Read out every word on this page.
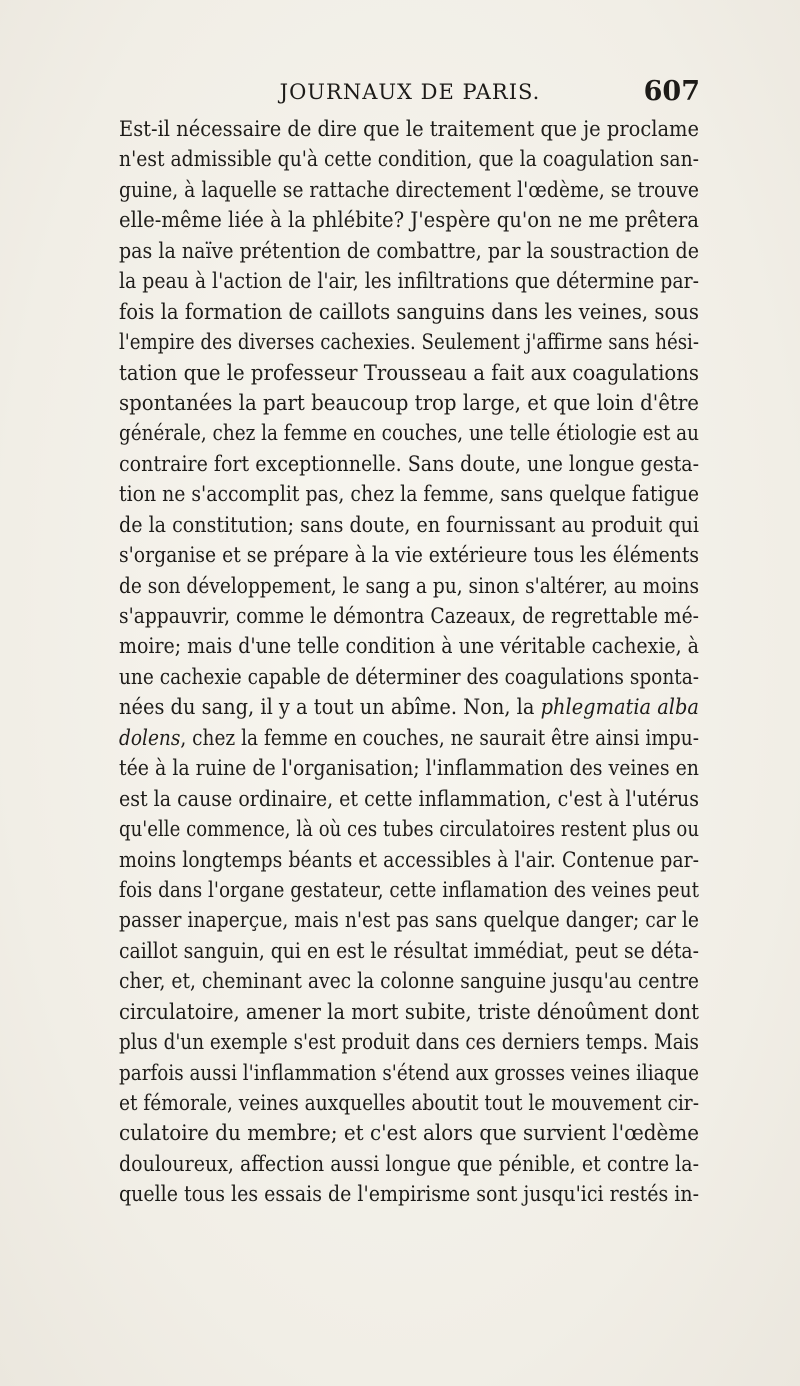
JOURNAUX DE PARIS.	607
Est-il nécessaire de dire que le traitement que je proclame
n'est admissible qu'à cette condition, que la coagulation san-
guine, à laquelle se rattache directement l'œdème, se trouve
elle-même liée à la phlébite? J'espère qu'on ne me prêtera
pas la naïve prétention de combattre, par la soustraction de
la peau à l'action de l'air, les infiltrations que détermine par-
fois la formation de caillots sanguins dans les veines, sous
l'empire des diverses cachexies. Seulement j'affirme sans hési-
tation que le professeur Trousseau a fait aux coagulations
spontanées la part beaucoup trop large, et que loin d'être
générale, chez la femme en couches, une telle étiologie est au
contraire fort exceptionnelle. Sans doute, une longue gesta-
tion ne s'accomplit pas, chez la femme, sans quelque fatigue
de la constitution; sans doute, en fournissant au produit qui
s'organise et se prépare à la vie extérieure tous les éléments
de son développement, le sang a pu, sinon s'altérer, au moins
s'appauvrir, comme le démontra Cazeaux, de regrettable mé-
moire; mais d'une telle condition à une véritable cachexie, à
une cachexie capable de déterminer des coagulations sponta-
nées du sang, il y a tout un abîme. Non, la phlegmatia alba
dolens, chez la femme en couches, ne saurait être ainsi impu-
tée à la ruine de l'organisation; l'inflammation des veines en
est la cause ordinaire, et cette inflammation, c'est à l'utérus
qu'elle commence, là où ces tubes circulatoires restent plus ou
moins longtemps béants et accessibles à l'air. Contenue par-
fois dans l'organe gestateur, cette inflamation des veines peut
passer inaperçue, mais n'est pas sans quelque danger; car le
caillot sanguin, qui en est le résultat immédiat, peut se déta-
cher, et, cheminant avec la colonne sanguine jusqu'au centre
circulatoire, amener la mort subite, triste dénoûment dont
plus d'un exemple s'est produit dans ces derniers temps. Mais
parfois aussi l'inflammation s'étend aux grosses veines iliaque
et fémorale, veines auxquelles aboutit tout le mouvement cir-
culatoire du membre; et c'est alors que survient l'œdème
douloureux, affection aussi longue que pénible, et contre la-
quelle tous les essais de l'empirisme sont jusqu'ici restés in-
